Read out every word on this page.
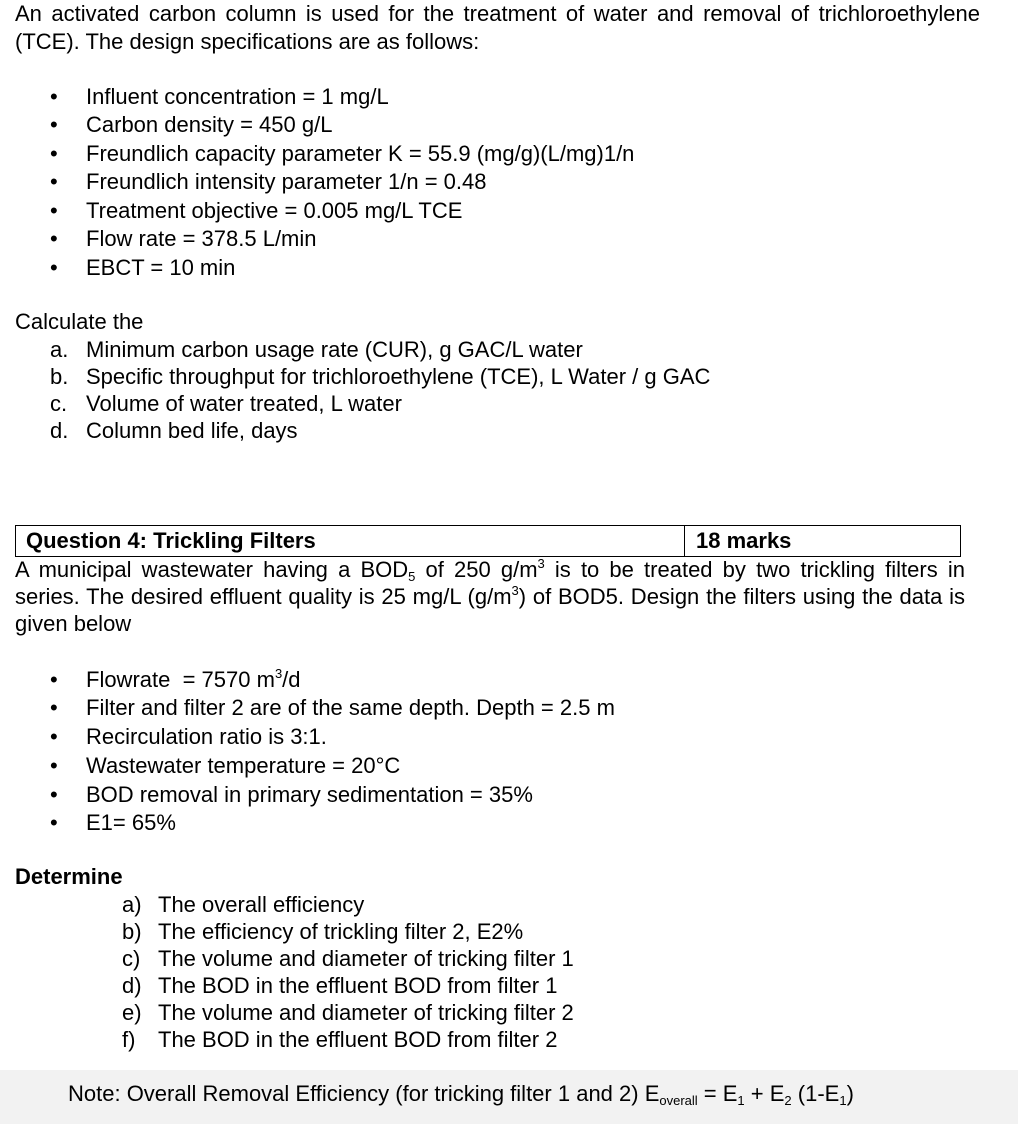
An activated carbon column is used for the treatment of water and removal of trichloroethylene (TCE). The design specifications are as follows:
• Influent concentration = 1 mg/L
• Carbon density = 450 g/L
• Freundlich capacity parameter K = 55.9 (mg/g)(L/mg)1/n
• Freundlich intensity parameter 1/n = 0.48
• Treatment objective = 0.005 mg/L TCE
• Flow rate = 378.5 L/min
• EBCT = 10 min
Calculate the
a. Minimum carbon usage rate (CUR), g GAC/L water
b. Specific throughput for trichloroethylene (TCE), L Water / g GAC
c. Volume of water treated, L water
d. Column bed life, days
Question 4: Trickling Filters	18 marks
A municipal wastewater having a $BOD_5$ of 250 $g/m^3$ is to be treated by two trickling filters in series. The desired effluent quality is 25 mg/L $(g/m^3)$ of BOD5. Design the filters using the data is given below
• Flowrate  = 7570 $m^3/d$
• Filter and filter 2 are of the same depth. Depth = 2.5 m
• Recirculation ratio is 3:1.
• Wastewater temperature = 20°C
• BOD removal in primary sedimentation = 35%
• E1= 65%
Determine
a) The overall efficiency
b) The efficiency of trickling filter 2, E2%
c) The volume and diameter of tricking filter 1
d) The BOD in the effluent BOD from filter 1
e) The volume and diameter of tricking filter 2
f) The BOD in the effluent BOD from filter 2
Note: Overall Removal Efficiency (for tricking filter 1 and 2) $E_{overall} = E_1 + E_2$ $(1-E_1)$
